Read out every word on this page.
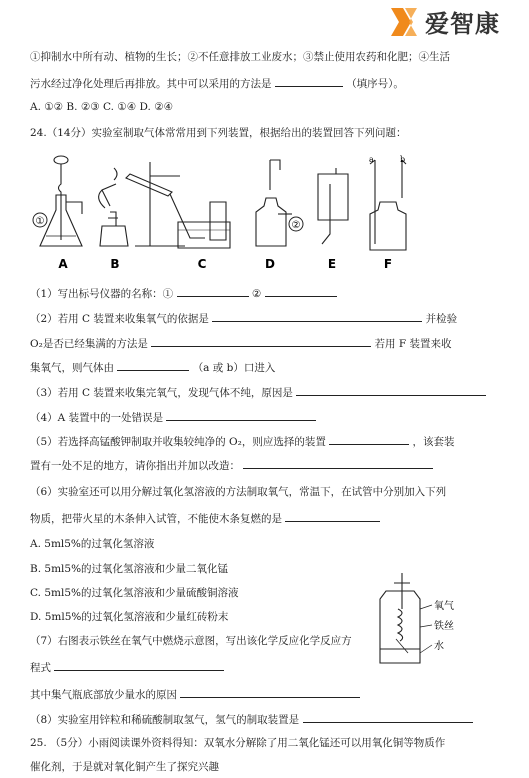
爱智康
①抑制水中所有动、植物的生长；②不任意排放工业废水；③禁止使用农药和化肥；④生活
污水经过净化处理后再排放。其中可以采用的方法是	（填序号）。
A. ①② B. ②③ C. ①④ D. ②④
24.（14分）实验室制取气体常常用到下列装置，根据给出的装置回答下列问题：
①	②
a	b
A	B	C	D	E	F
（1）写出标号仪器的名称：①	②
（2）若用 C 装置来收集氧气的依据是	并检验
O₂是否已经集满的方法是	若用 F 装置来收
集氧气，则气体由	（a 或 b）口进入
（3）若用 C 装置来收集完氧气，发现气体不纯，原因是
（4）A 装置中的一处错误是
（5）若选择高锰酸钾制取并收集较纯净的 O₂，则应选择的装置	，该套装
置有一处不足的地方，请你指出并加以改造：
（6）实验室还可以用分解过氧化氢溶液的方法制取氧气，常温下，在试管中分别加入下列
物质，把带火星的木条伸入试管，不能使木条复燃的是
A. 5ml5%的过氧化氢溶液
B. 5ml5%的过氧化氢溶液和少量二氧化锰
C. 5ml5%的过氧化氢溶液和少量硫酸铜溶液
D. 5ml5%的过氧化氢溶液和少量红砖粉末
（7）右图表示铁丝在氧气中燃烧示意图，写出该化学反应化学反应方
程式
其中集气瓶底部放少量水的原因
（8）实验室用锌粒和稀硫酸制取氢气，氢气的制取装置是
氧气
铁丝
水
25. （5分）小雨阅读课外资料得知：双氧水分解除了用二氧化锰还可以用氧化铜等物质作
催化剂，于是就对氧化铜产生了探究兴趣
